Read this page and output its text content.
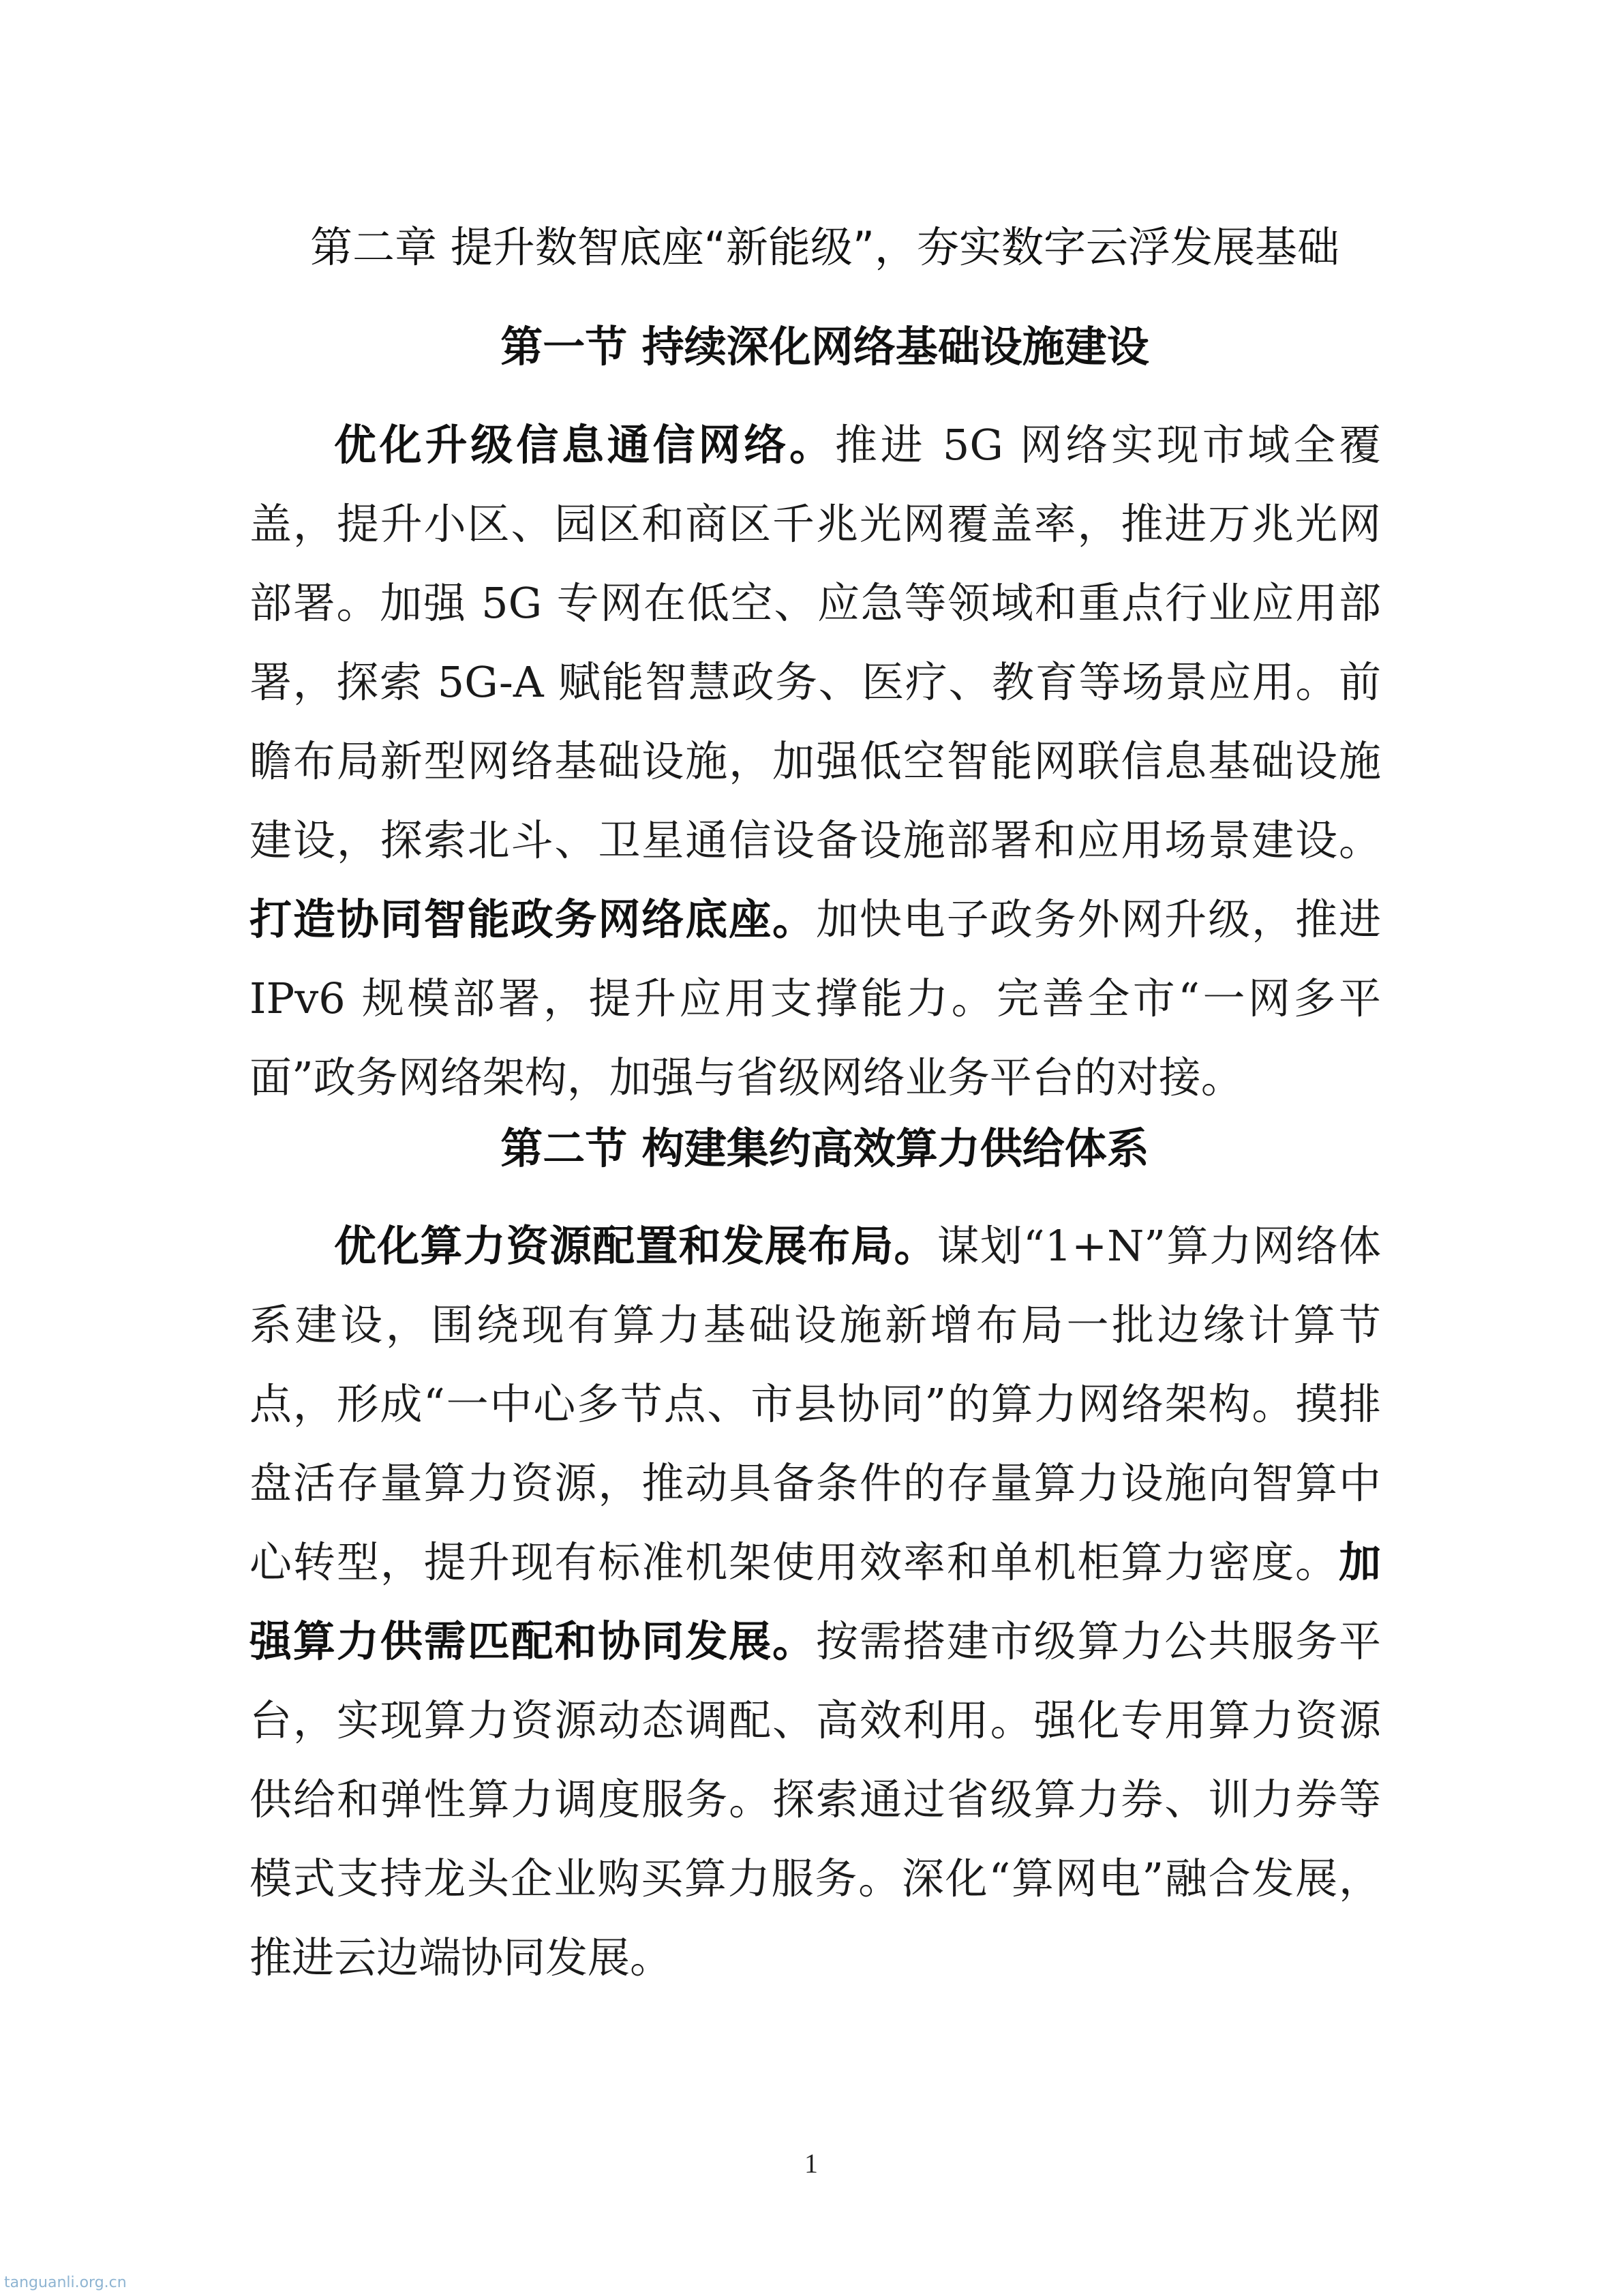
第二章 提升数智底座“新能级”，夯实数字云浮发展基础
第一节 持续深化网络基础设施建设

优化升级信息通信网络。推进 5G 网络实现市域全覆盖，提升小区、园区和商区千兆光网覆盖率，推进万兆光网部署。加强 5G 专网在低空、应急等领域和重点行业应用部署，探索 5G-A 赋能智慧政务、医疗、教育等场景应用。前瞻布局新型网络基础设施，加强低空智能网联信息基础设施建设，探索北斗、卫星通信设备设施部署和应用场景建设。打造协同智能政务网络底座。加快电子政务外网升级，推进 IPv6 规模部署，提升应用支撑能力。完善全市“一网多平面”政务网络架构，加强与省级网络业务平台的对接。

第二节 构建集约高效算力供给体系

优化算力资源配置和发展布局。谋划“1+N”算力网络体系建设，围绕现有算力基础设施新增布局一批边缘计算节点，形成“一中心多节点、市县协同”的算力网络架构。摸排盘活存量算力资源，推动具备条件的存量算力设施向智算中心转型，提升现有标准机架使用效率和单机柜算力密度。加强算力供需匹配和协同发展。按需搭建市级算力公共服务平台，实现算力资源动态调配、高效利用。强化专用算力资源供给和弹性算力调度服务。探索通过省级算力券、训力券等模式支持龙头企业购买算力服务。深化“算网电”融合发展，推进云边端协同发展。

1
tanguanli.org.cn
